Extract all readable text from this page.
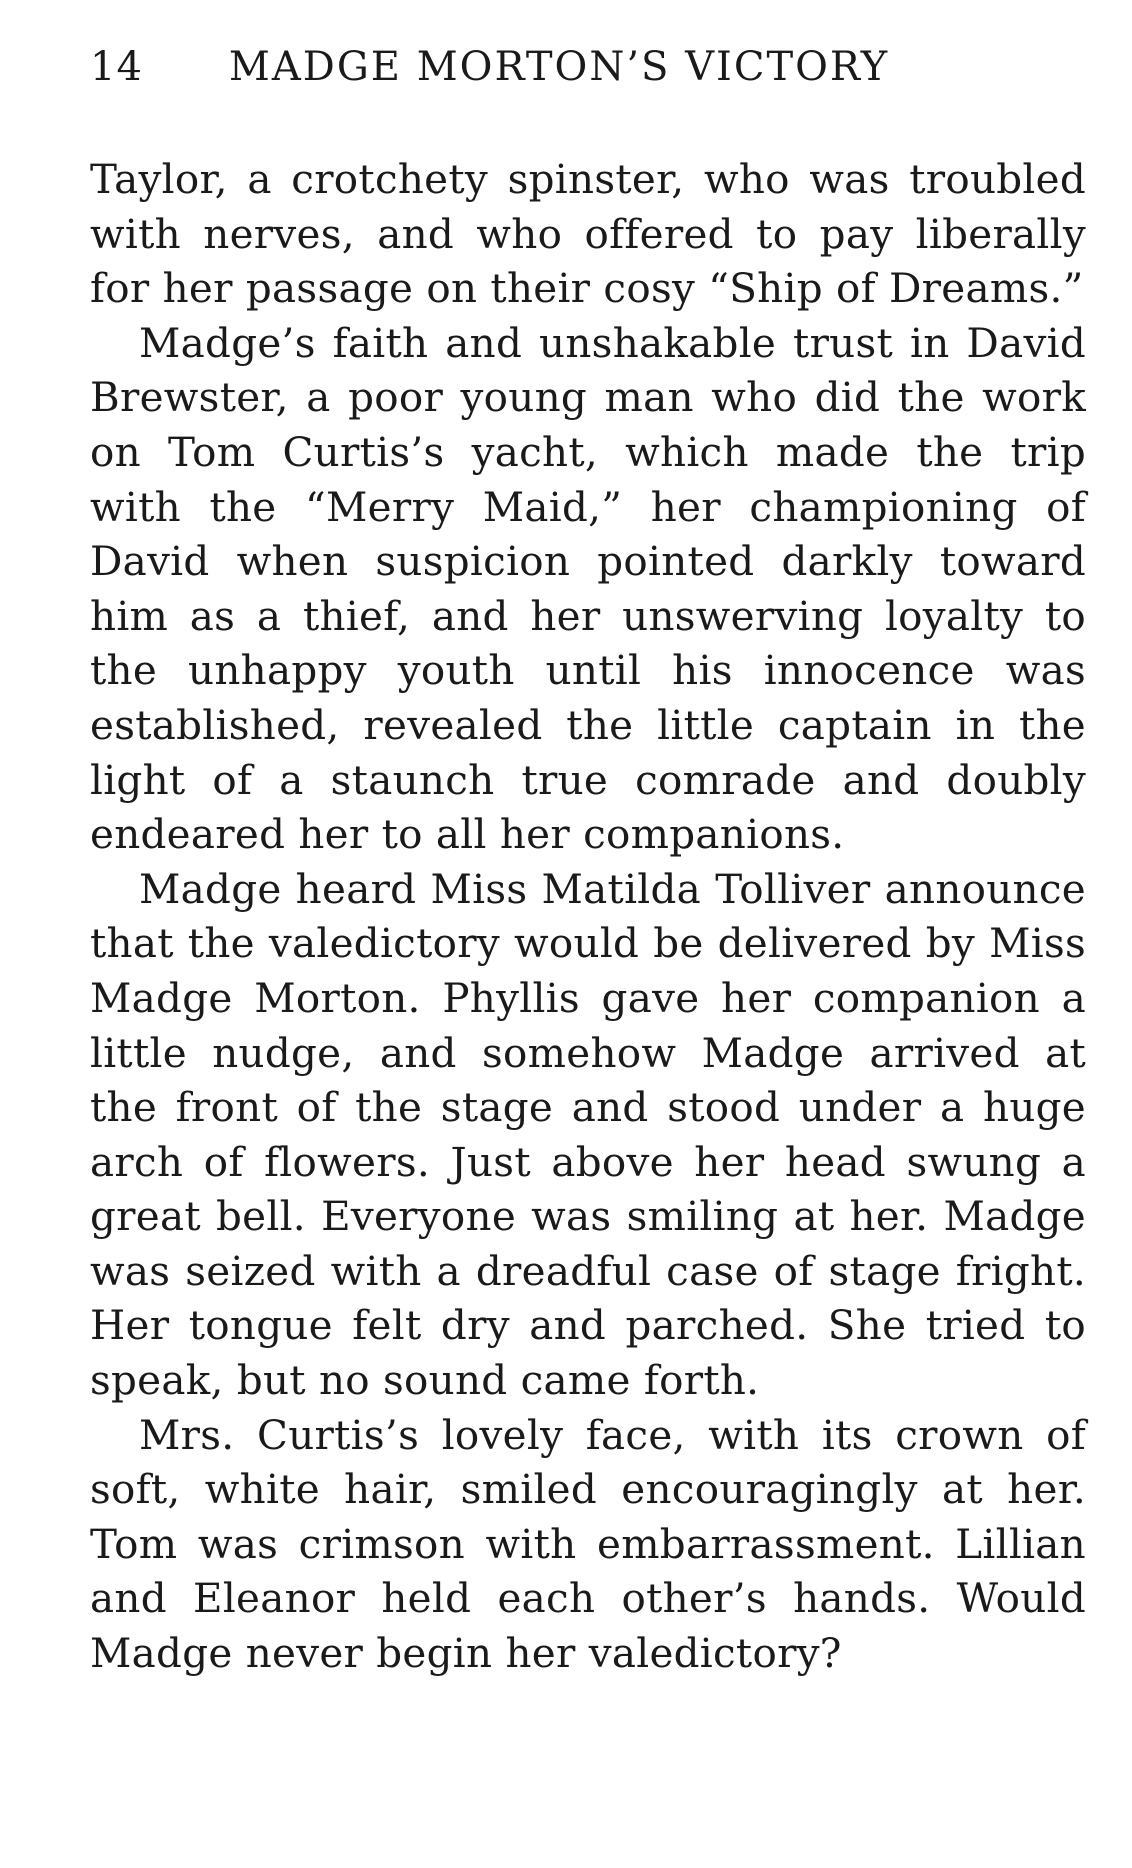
14 MADGE MORTON’S VICTORY

Taylor, a crotchety spinster, who was troubled with nerves, and who offered to pay liberally for her passage on their cosy “Ship of Dreams.”

Madge’s faith and unshakable trust in David Brewster, a poor young man who did the work on Tom Curtis’s yacht, which made the trip with the “Merry Maid,” her championing of David when suspicion pointed darkly toward him as a thief, and her unswerving loyalty to the unhappy youth until his innocence was established, revealed the little captain in the light of a staunch true comrade and doubly endeared her to all her companions.

Madge heard Miss Matilda Tolliver announce that the valedictory would be delivered by Miss Madge Morton. Phyllis gave her companion a little nudge, and somehow Madge arrived at the front of the stage and stood under a huge arch of flowers. Just above her head swung a great bell. Everyone was smiling at her. Madge was seized with a dreadful case of stage fright. Her tongue felt dry and parched. She tried to speak, but no sound came forth.

Mrs. Curtis’s lovely face, with its crown of soft, white hair, smiled encouragingly at her. Tom was crimson with embarrassment. Lillian and Eleanor held each other’s hands. Would Madge never begin her valedictory?
